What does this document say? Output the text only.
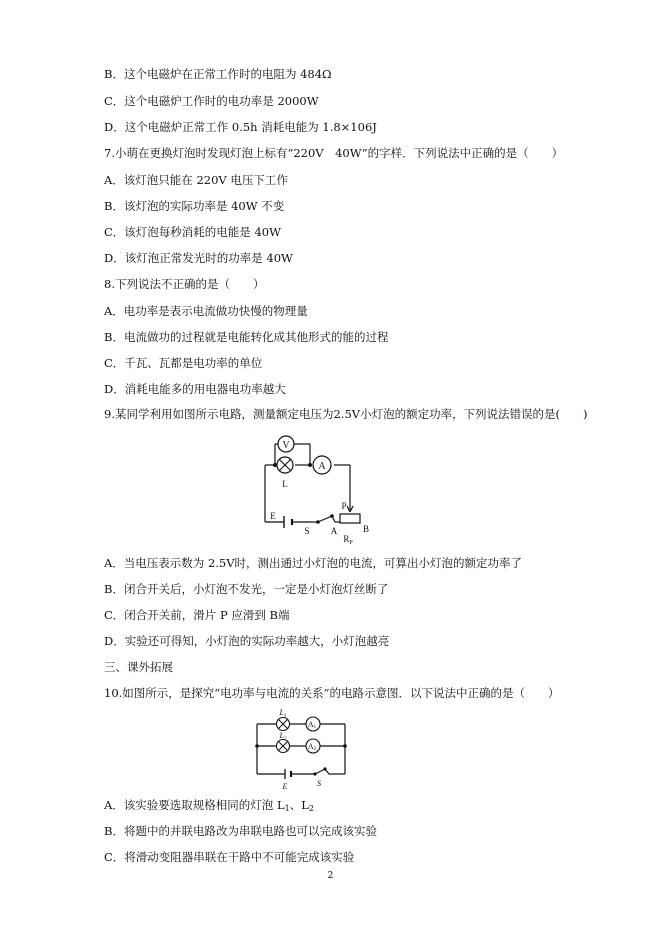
B．这个电磁炉在正常工作时的电阻为 484Ω
C．这个电磁炉工作时的电功率是 2000W
D．这个电磁炉正常工作 0.5h 消耗电能为 1.8×106J
7.小萌在更换灯泡时发现灯泡上标有“220V　40W”的字样．下列说法中正确的是（　　）
A．该灯泡只能在 220V 电压下工作
B．该灯泡的实际功率是 40W 不变
C．该灯泡每秒消耗的电能是 40W
D．该灯泡正常发光时的功率是 40W
8.下列说法不正确的是（　　）
A．电功率是表示电流做功快慢的物理量
B．电流做功的过程就是电能转化成其他形式的能的过程
C．千瓦、瓦都是电功率的单位
D．消耗电能多的用电器电功率越大
9.某同学利用如图所示电路，测量额定电压为2.5V小灯泡的额定功率，下列说法错误的是(　　)
V
A
L
E
S
P
A	B
$R_P$
A．当电压表示数为 2.5V时，测出通过小灯泡的电流，可算出小灯泡的额定功率了
B．闭合开关后，小灯泡不发光，一定是小灯泡灯丝断了
C．闭合开关前，滑片 P 应滑到 B端
D．实验还可得知，小灯泡的实际功率越大，小灯泡越亮
三、课外拓展
10.如图所示，是探究“电功率与电流的关系”的电路示意图．以下说法中正确的是（　　）
$L_1$
$L_2$
A1
A2
E	S
A．该实验要选取规格相同的灯泡 $L_1$、$L_2$
B．将题中的并联电路改为串联电路也可以完成该实验
C．将滑动变阻器串联在干路中不可能完成该实验
2
